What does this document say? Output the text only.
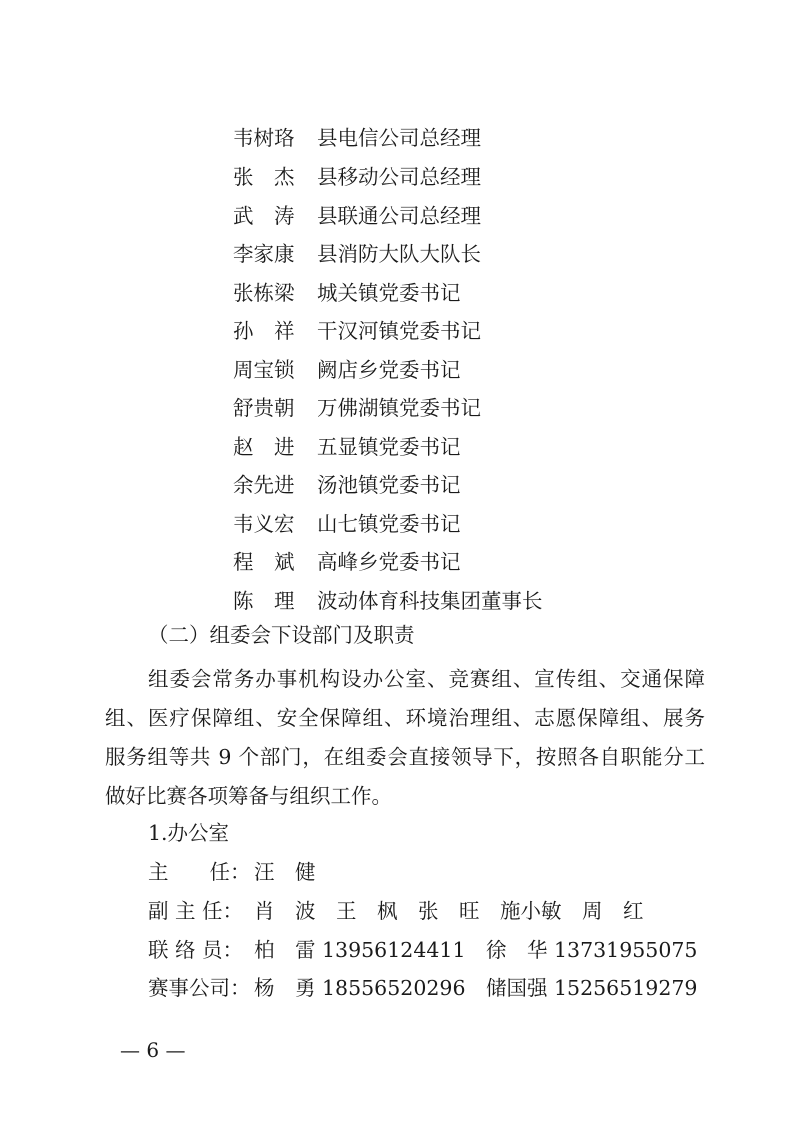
韦树珞 县电信公司总经理
张　杰 县移动公司总经理
武　涛 县联通公司总经理
李家康 县消防大队大队长
张栋梁 城关镇党委书记
孙　祥 干汉河镇党委书记
周宝锁 阙店乡党委书记
舒贵朝 万佛湖镇党委书记
赵　进 五显镇党委书记
余先进 汤池镇党委书记
韦义宏 山七镇党委书记
程　斌 高峰乡党委书记
陈　理 波动体育科技集团董事长
（二）组委会下设部门及职责
组委会常务办事机构设办公室、竞赛组、宣传组、交通保障
组、医疗保障组、安全保障组、环境治理组、志愿保障组、展务
服务组等共 9 个部门，在组委会直接领导下，按照各自职能分工
做好比赛各项筹备与组织工作。
1.办公室
主　　任： 汪　健
副 主 任： 肖　波　王　枫　张　旺　施小敏　周　红
联 络 员： 柏　雷 13956124411　徐　华 13731955075
赛事公司： 杨　勇 18556520296　储国强 15256519279
— 6 —
